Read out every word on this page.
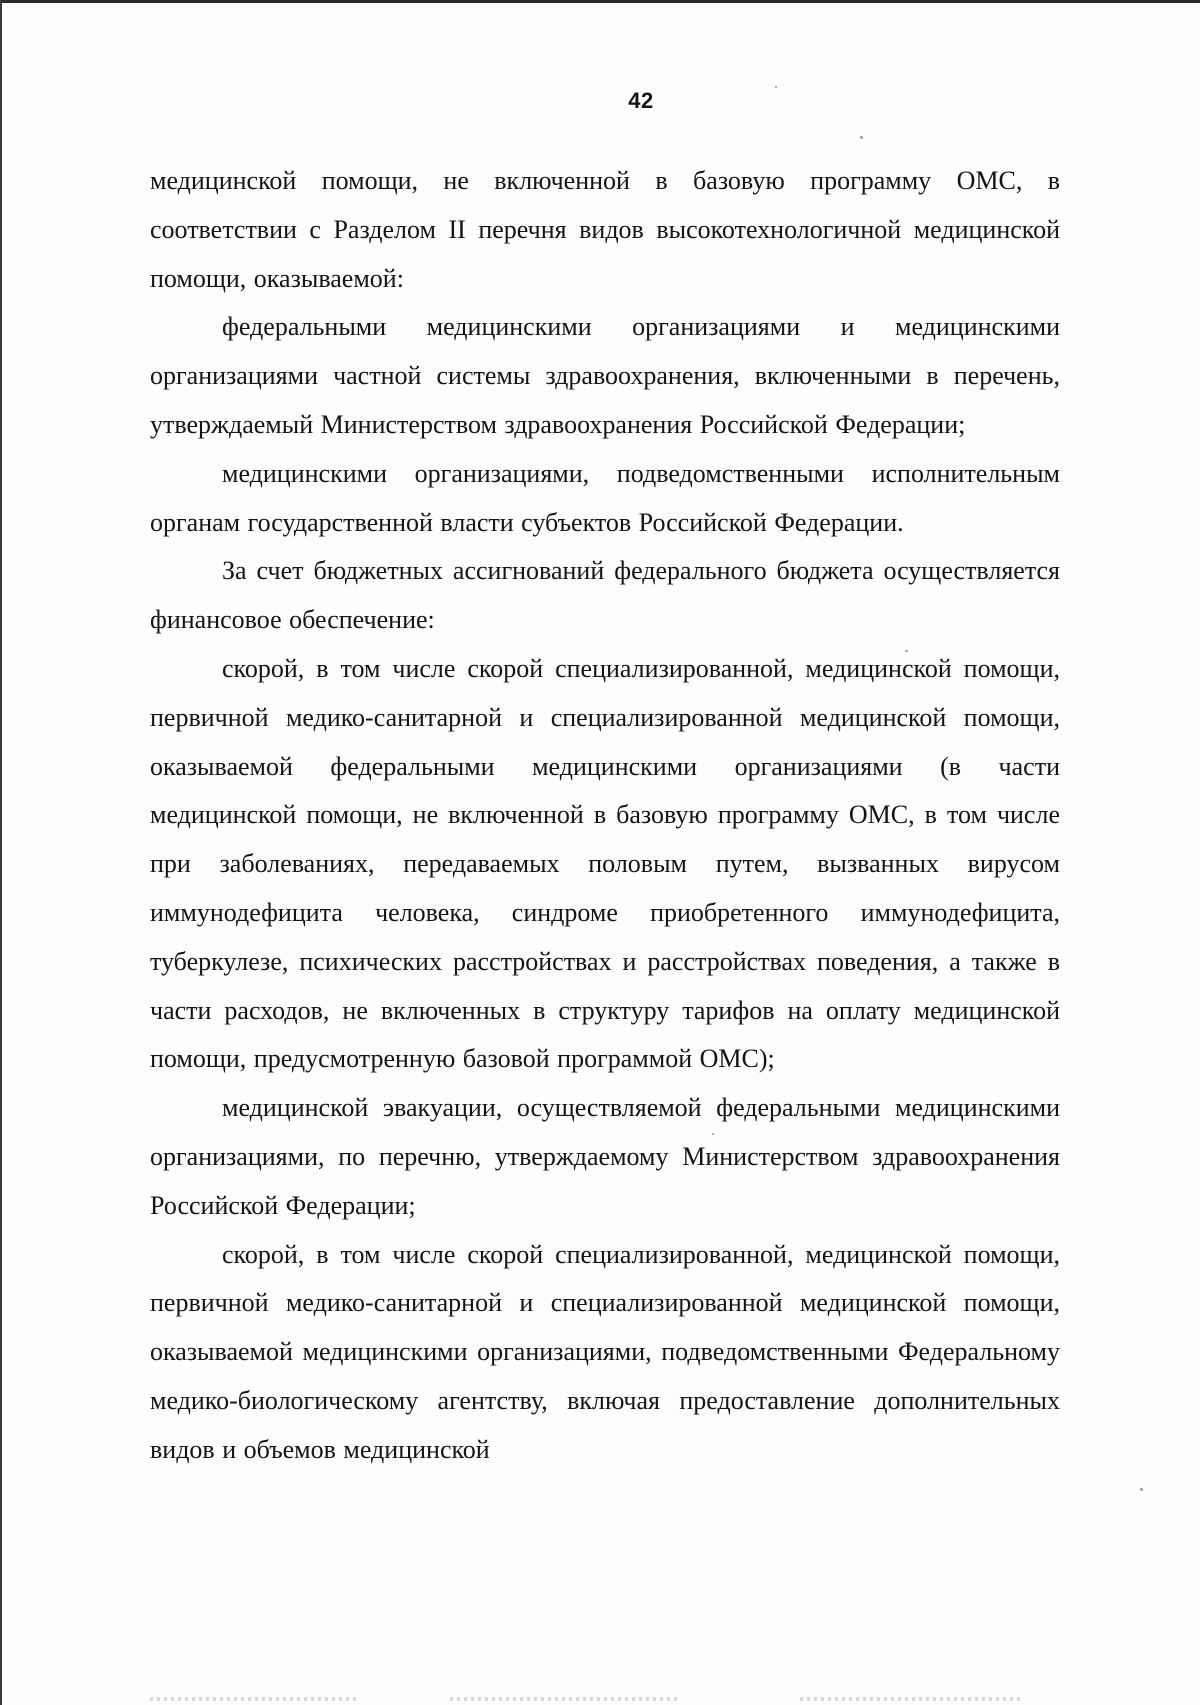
42

медицинской помощи, не включенной в базовую программу ОМС, в соответствии с Разделом II перечня видов высокотехнологичной медицинской помощи, оказываемой:

федеральными медицинскими организациями и медицинскими организациями частной системы здравоохранения, включенными в перечень, утверждаемый Министерством здравоохранения Российской Федерации;

медицинскими организациями, подведомственными исполнительным органам государственной власти субъектов Российской Федерации.

За счет бюджетных ассигнований федерального бюджета осуществляется финансовое обеспечение:

скорой, в том числе скорой специализированной, медицинской помощи, первичной медико-санитарной и специализированной медицинской помощи, оказываемой федеральными медицинскими организациями (в части медицинской помощи, не включенной в базовую программу ОМС, в том числе при заболеваниях, передаваемых половым путем, вызванных вирусом иммунодефицита человека, синдроме приобретенного иммунодефицита, туберкулезе, психических расстройствах и расстройствах поведения, а также в части расходов, не включенных в структуру тарифов на оплату медицинской помощи, предусмотренную базовой программой ОМС);

медицинской эвакуации, осуществляемой федеральными медицинскими организациями, по перечню, утверждаемому Министерством здравоохранения Российской Федерации;

скорой, в том числе скорой специализированной, медицинской помощи, первичной медико-санитарной и специализированной медицинской помощи, оказываемой медицинскими организациями, подведомственными Федеральному медико-биологическому агентству, включая предоставление дополнительных видов и объемов медицинской
